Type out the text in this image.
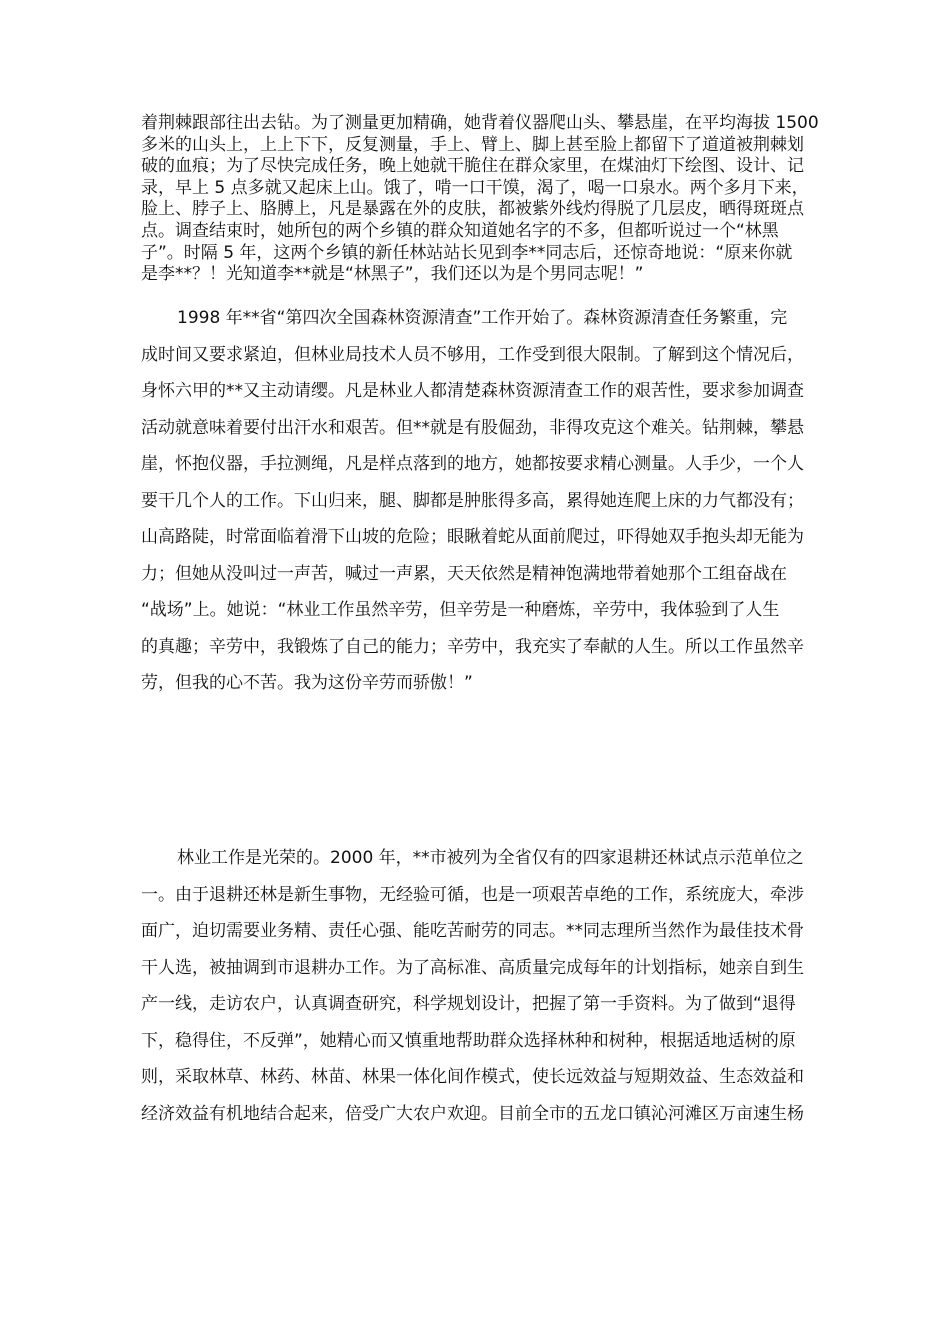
着荆棘跟部往出去钻。为了测量更加精确，她背着仪器爬山头、攀悬崖，在平均海拔 1500
多米的山头上，上上下下，反复测量，手上、臂上、脚上甚至脸上都留下了道道被荆棘划
破的血痕；为了尽快完成任务，晚上她就干脆住在群众家里，在煤油灯下绘图、设计、记
录，早上 5 点多就又起床上山。饿了，啃一口干馍，渴了，喝一口泉水。两个多月下来，
脸上、脖子上、胳膊上，凡是暴露在外的皮肤，都被紫外线灼得脱了几层皮，晒得斑斑点
点。调查结束时，她所包的两个乡镇的群众知道她名字的不多，但都听说过一个“林黑
子”。时隔 5 年，这两个乡镇的新任林站站长见到李**同志后，还惊奇地说：“原来你就
是李**？！光知道李**就是“林黑子”，我们还以为是个男同志呢！”
1998 年**省“第四次全国森林资源清查”工作开始了。森林资源清查任务繁重，完
成时间又要求紧迫，但林业局技术人员不够用，工作受到很大限制。了解到这个情况后，
身怀六甲的**又主动请缨。凡是林业人都清楚森林资源清查工作的艰苦性，要求参加调查
活动就意味着要付出汗水和艰苦。但**就是有股倔劲，非得攻克这个难关。钻荆棘，攀悬
崖，怀抱仪器，手拉测绳，凡是样点落到的地方，她都按要求精心测量。人手少，一个人
要干几个人的工作。下山归来，腿、脚都是肿胀得多高，累得她连爬上床的力气都没有；
山高路陡，时常面临着滑下山坡的危险；眼瞅着蛇从面前爬过，吓得她双手抱头却无能为
力；但她从没叫过一声苦，喊过一声累，天天依然是精神饱满地带着她那个工组奋战在
“战场”上。她说：“林业工作虽然辛劳，但辛劳是一种磨炼，辛劳中，我体验到了人生
的真趣；辛劳中，我锻炼了自己的能力；辛劳中，我充实了奉献的人生。所以工作虽然辛
劳，但我的心不苦。我为这份辛劳而骄傲！”
林业工作是光荣的。2000 年，**市被列为全省仅有的四家退耕还林试点示范单位之
一。由于退耕还林是新生事物，无经验可循，也是一项艰苦卓绝的工作，系统庞大，牵涉
面广，迫切需要业务精、责任心强、能吃苦耐劳的同志。**同志理所当然作为最佳技术骨
干人选，被抽调到市退耕办工作。为了高标准、高质量完成每年的计划指标，她亲自到生
产一线，走访农户，认真调查研究，科学规划设计，把握了第一手资料。为了做到“退得
下，稳得住，不反弹”，她精心而又慎重地帮助群众选择林种和树种，根据适地适树的原
则，采取林草、林药、林苗、林果一体化间作模式，使长远效益与短期效益、生态效益和
经济效益有机地结合起来，倍受广大农户欢迎。目前全市的五龙口镇沁河滩区万亩速生杨
